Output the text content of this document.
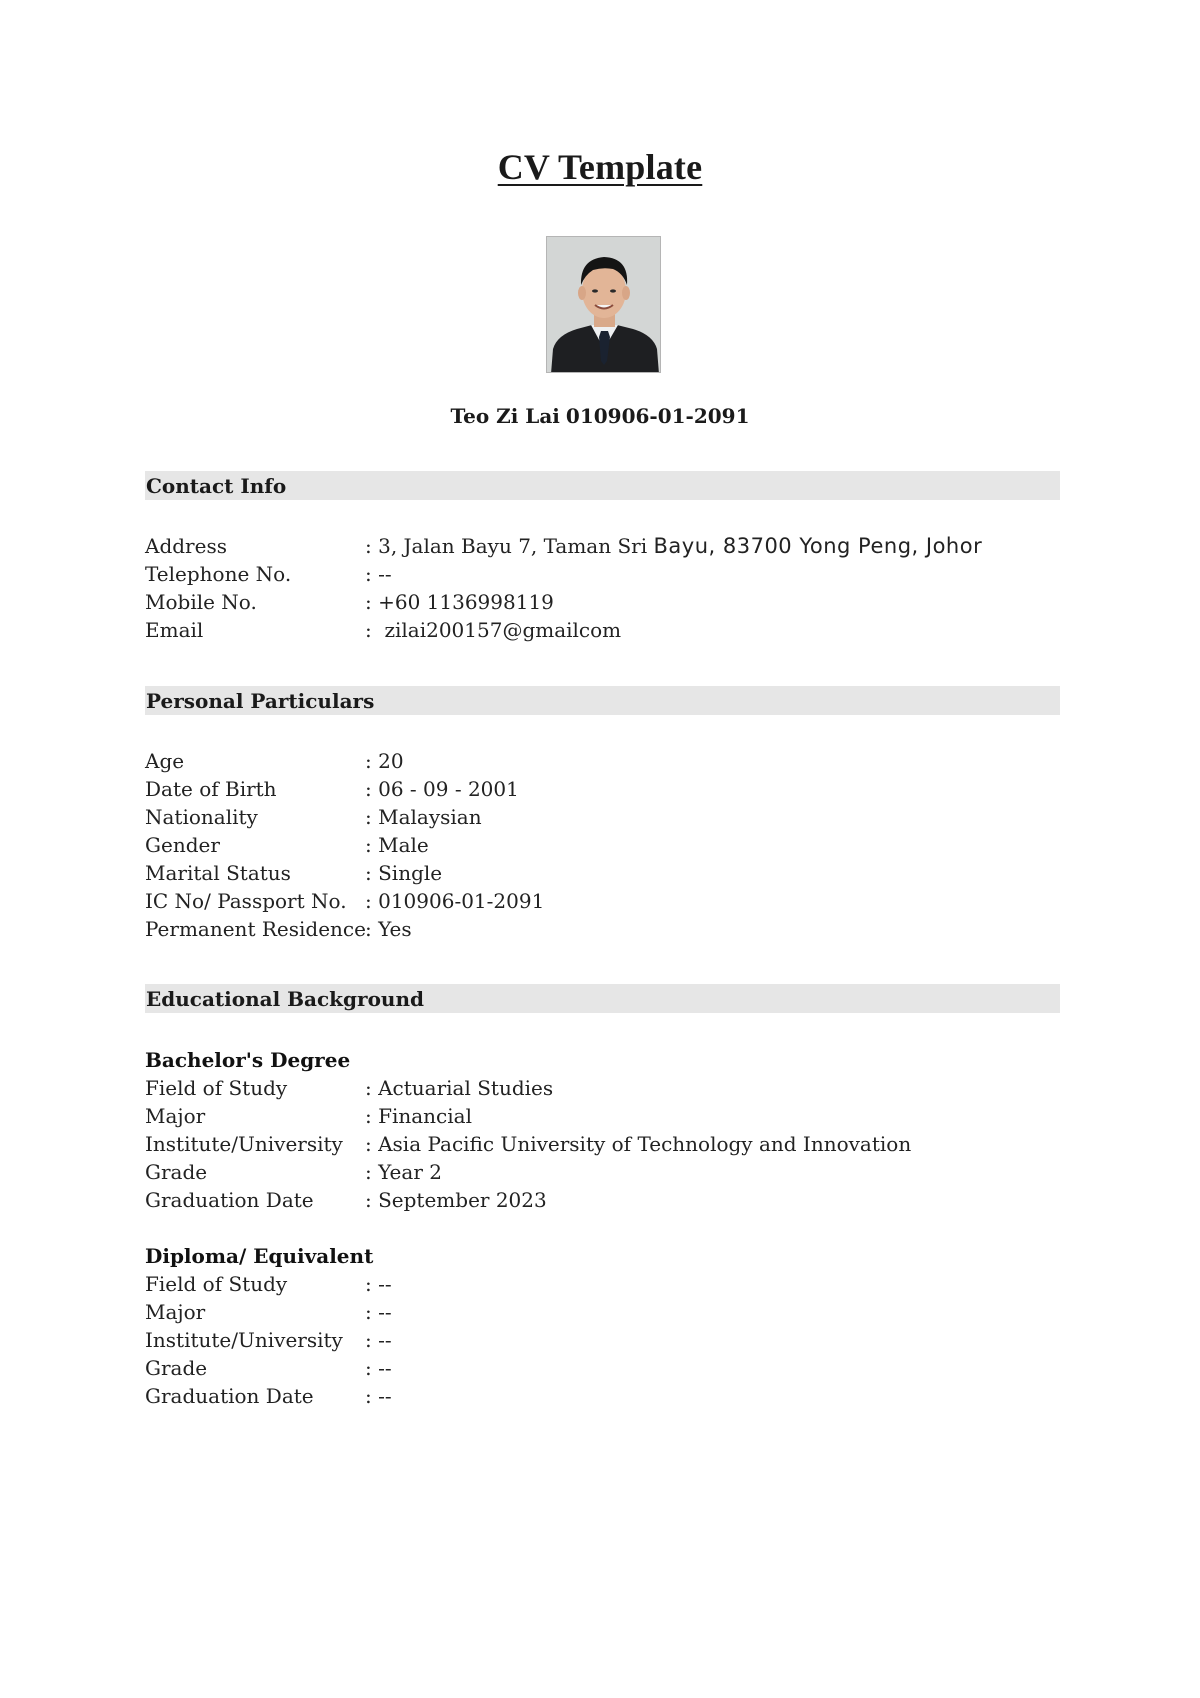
CV Template
Teo Zi Lai 010906-01-2091
Contact Info
Address	: 3, Jalan Bayu 7, Taman Sri Bayu, 83700 Yong Peng, Johor
Telephone No.	: --
Mobile No.	: +60 1136998119
Email	:  zilai200157@gmailcom
Personal Particulars
Age	: 20
Date of Birth	: 06 - 09 - 2001
Nationality	: Malaysian
Gender	: Male
Marital Status	: Single
IC No/ Passport No. : 010906-01-2091
Permanent Residence : Yes
Educational Background
Bachelor's Degree
Field of Study	: Actuarial Studies
Major	: Financial
Institute/University	: Asia Pacific University of Technology and Innovation
Grade	: Year 2
Graduation Date	: September 2023
Diploma/ Equivalent
Field of Study	: --
Major	: --
Institute/University	: --
Grade	: --
Graduation Date	: --
